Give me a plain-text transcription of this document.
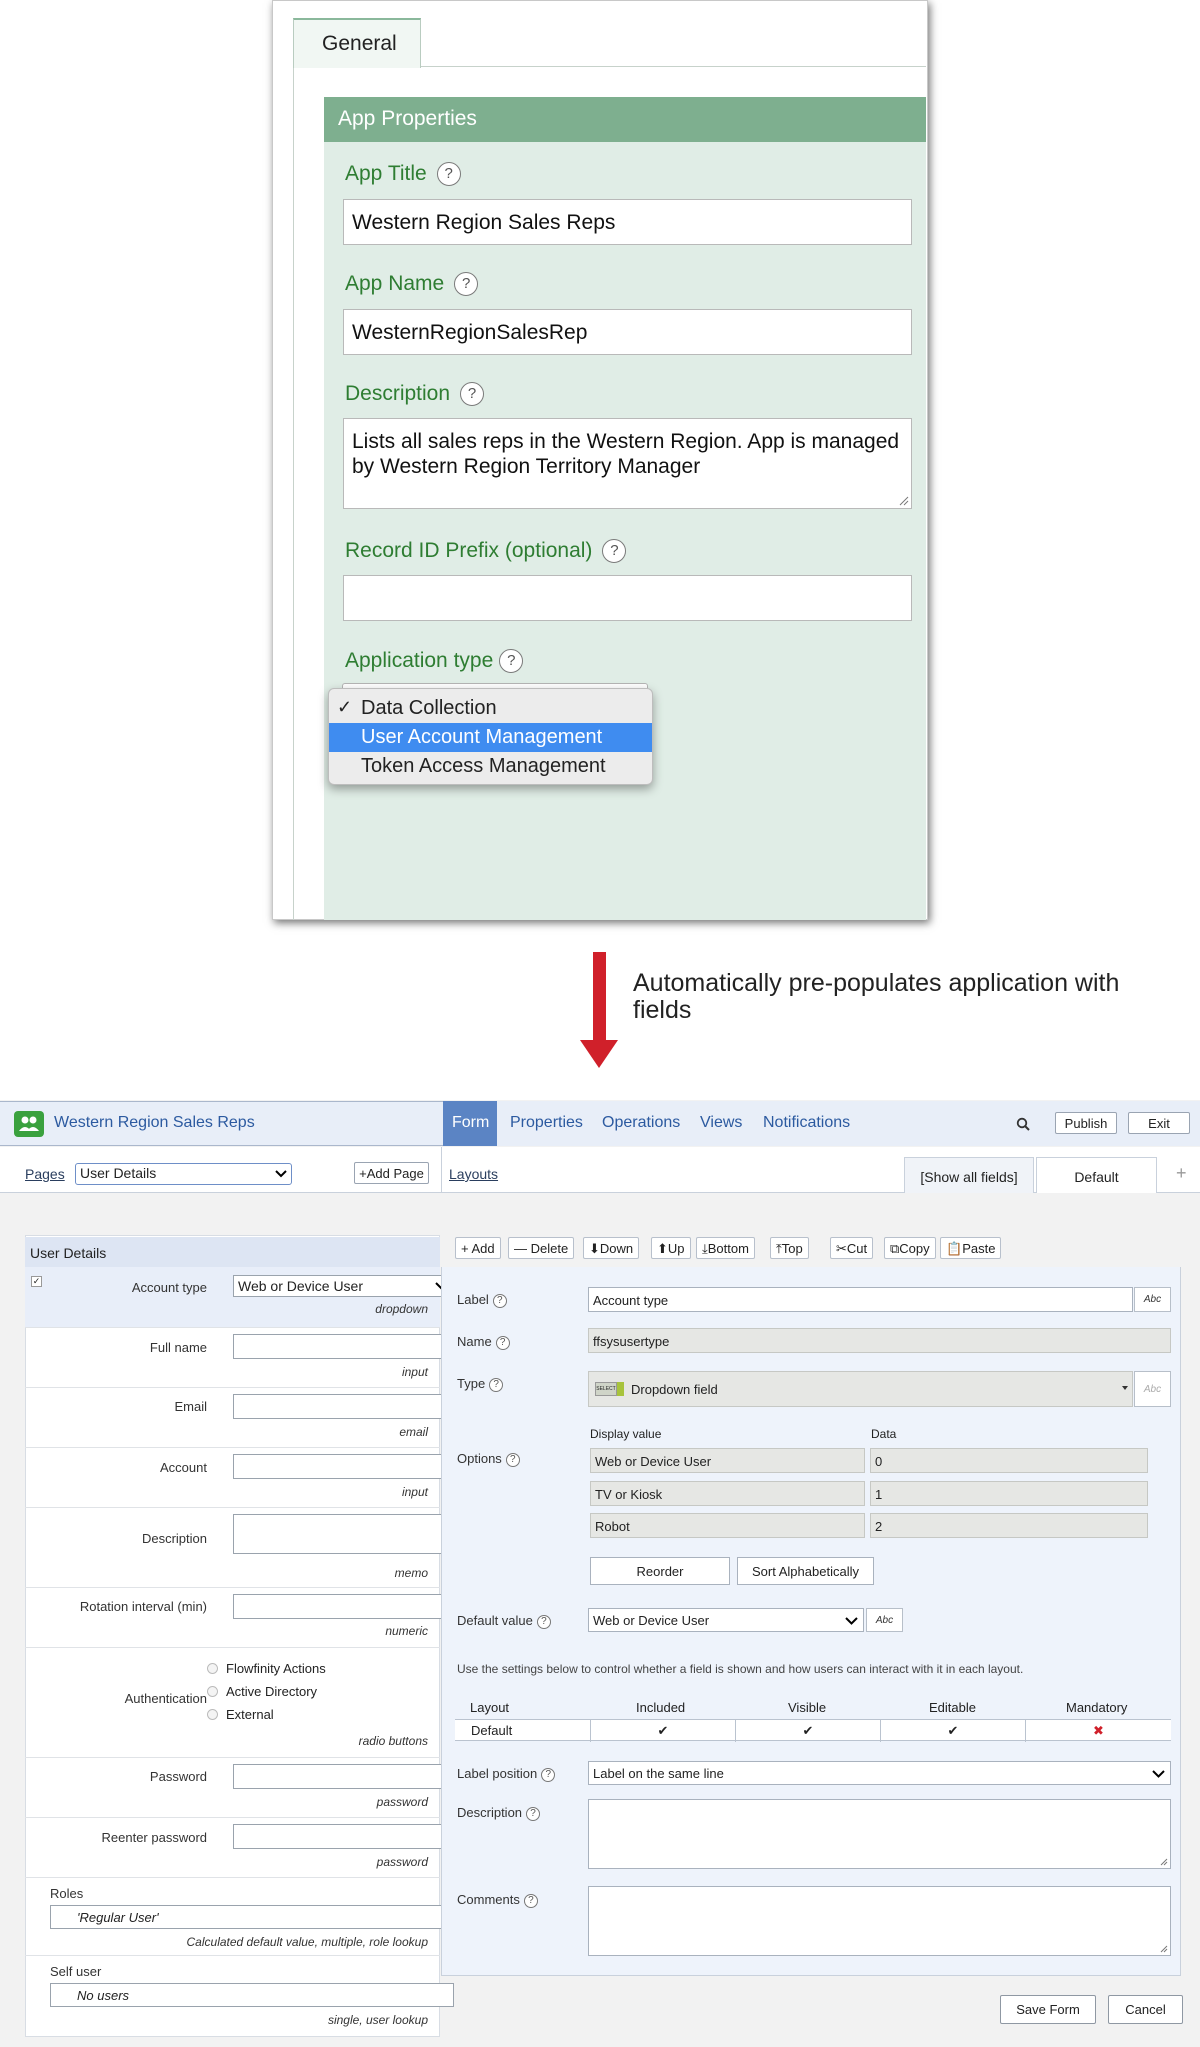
General
App Properties
App Title ?
Western Region Sales Reps
App Name ?
WesternRegionSalesRep
Description ?
Lists all sales reps in the Western Region. App is managed by Western Region Territory Manager
Record ID Prefix (optional) ?
Application type ?
✓ Data Collection
User Account Management
Token Access Management
Automatically pre-populates application with fields
Western Region Sales Reps	Form	Properties Operations Views Notifications	Publish	Exit
Pages	User Details	+Add Page	Layouts	[Show all fields]	Default	+
User Details
✓	Account type	Web or Device User
dropdown
Full name
input
Email
email
Account
input
Description
memo
Rotation interval (min)
numeric
Authentication
Flowfinity Actions
Active Directory
External
radio buttons
Password
password
Reenter password
password
Roles
'Regular User'
Calculated default value, multiple, role lookup
Self user
No users
single, user lookup
+ Add	— Delete	⬇Down	⬆Up	⤓Bottom	⤒Top	✂Cut	⧉Copy	📋Paste
Label ?	Account type	Abc
Name ?	ffsysusertype
Type ?	SELECT Dropdown field	Abc
Display value	Data
Options ?	Web or Device User	0
TV or Kiosk	1
Robot	2
Reorder	Sort Alphabetically
Default value ?	Web or Device User	Abc
Use the settings below to control whether a field is shown and how users can interact with it in each layout.
Layout	Included	Visible	Editable	Mandatory
Default	✔	✔	✔	✖
Label position ?	Label on the same line
Description ?
Comments ?
Save Form	Cancel
